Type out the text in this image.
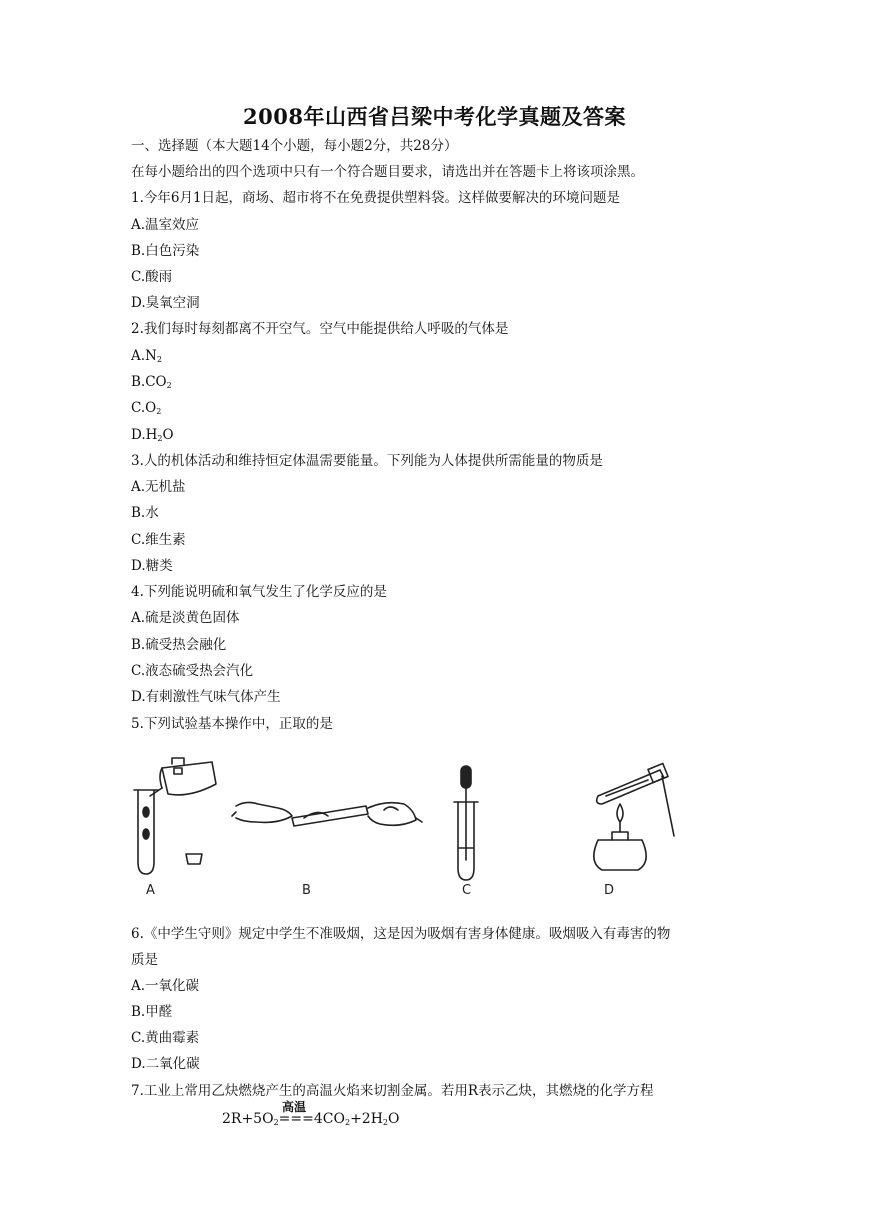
2008年山西省吕梁中考化学真题及答案
一、选择题（本大题14个小题，每小题2分，共28分）
在每小题给出的四个选项中只有一个符合题目要求，请选出并在答题卡上将该项涂黑。
1.今年6月1日起，商场、超市将不在免费提供塑料袋。这样做要解决的环境问题是
A.温室效应
B.白色污染
C.酸雨
D.臭氧空洞
2.我们每时每刻都离不开空气。空气中能提供给人呼吸的气体是
$A.N_2$
$B.CO_2$
$C.O_2$
$D.H_2O$
3.人的机体活动和维持恒定体温需要能量。下列能为人体提供所需能量的物质是
A.无机盐
B.水
C.维生素
D.糖类
4.下列能说明硫和氧气发生了化学反应的是
A.硫是淡黄色固体
B.硫受热会融化
C.液态硫受热会汽化
D.有刺激性气味气体产生
5.下列试验基本操作中，正取的是
A	B	C	D
6.《中学生守则》规定中学生不准吸烟，这是因为吸烟有害身体健康。吸烟吸入有毒害的物
质是
A.一氧化碳
B.甲醛
C.黄曲霉素
D.二氧化碳
7.工业上常用乙炔燃烧产生的高温火焰来切割金属。若用R表示乙炔，其燃烧的化学方程
高温
$2R+5O_2===4CO_2+2H_2O$
